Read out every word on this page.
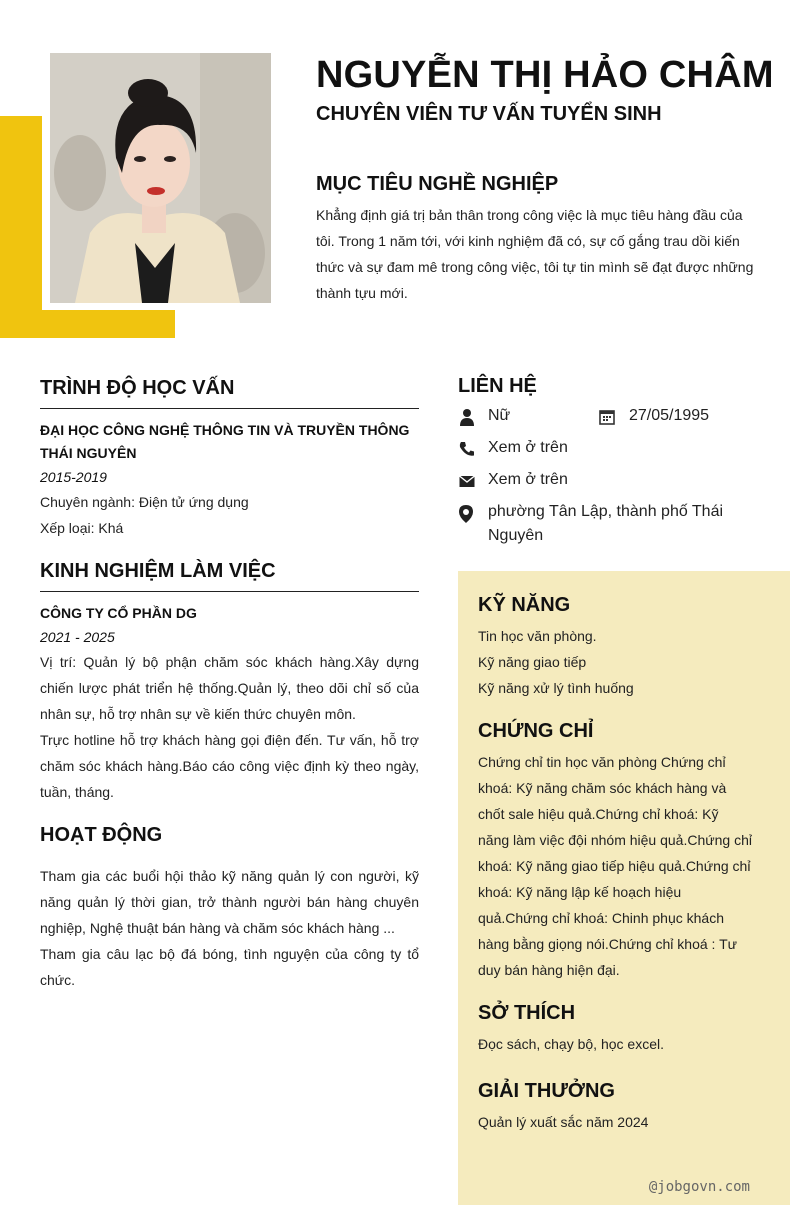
NGUYỄN THỊ HẢO CHÂM
CHUYÊN VIÊN TƯ VẤN TUYỂN SINH
MỤC TIÊU NGHỀ NGHIỆP
Khẳng định giá trị bản thân trong công việc là mục tiêu hàng đầu của tôi. Trong 1 năm tới, với kinh nghiệm đã có, sự cố gắng trau dồi kiến thức và sự đam mê trong công việc, tôi tự tin mình sẽ đạt được những thành tựu mới.
TRÌNH ĐỘ HỌC VẤN
ĐẠI HỌC CÔNG NGHỆ THÔNG TIN VÀ TRUYỀN THÔNG THÁI NGUYÊN
2015-2019
Chuyên ngành: Điện tử ứng dụng
Xếp loại: Khá
KINH NGHIỆM LÀM VIỆC
CÔNG TY CỔ PHẦN DG
2021 - 2025
Vị trí: Quản lý bộ phận chăm sóc khách hàng.Xây dựng chiến lược phát triển hệ thống.Quản lý, theo dõi chỉ số của nhân sự, hỗ trợ nhân sự về kiến thức chuyên môn.
Trực hotline hỗ trợ khách hàng gọi điện đến. Tư vấn, hỗ trợ chăm sóc khách hàng.Báo cáo công việc định kỳ theo ngày, tuần, tháng.
HOẠT ĐỘNG
Tham gia các buổi hội thảo kỹ năng quản lý con người, kỹ năng quản lý thời gian, trở thành người bán hàng chuyên nghiệp, Nghệ thuật bán hàng và chăm sóc khách hàng ...
Tham gia câu lạc bộ đá bóng, tình nguyện của công ty tổ chức.
LIÊN HỆ
Nữ	27/05/1995
Xem ở trên
Xem ở trên
phường Tân Lập, thành phố Thái Nguyên
KỸ NĂNG
Tin học văn phòng.
Kỹ năng giao tiếp
Kỹ năng xử lý tình huống
CHỨNG CHỈ
Chứng chỉ tin học văn phòng Chứng chỉ khoá: Kỹ năng chăm sóc khách hàng và chốt sale hiệu quả.Chứng chỉ khoá: Kỹ năng làm việc đội nhóm hiệu quả.Chứng chỉ khoá: Kỹ năng giao tiếp hiệu quả.Chứng chỉ khoá: Kỹ năng lập kế hoạch hiệu quả.Chứng chỉ khoá: Chinh phục khách hàng bằng giọng nói.Chứng chỉ khoá : Tư duy bán hàng hiện đại.
SỞ THÍCH
Đọc sách, chạy bộ, học excel.
GIẢI THƯỞNG
Quản lý xuất sắc năm 2024
@jobgovn.com
